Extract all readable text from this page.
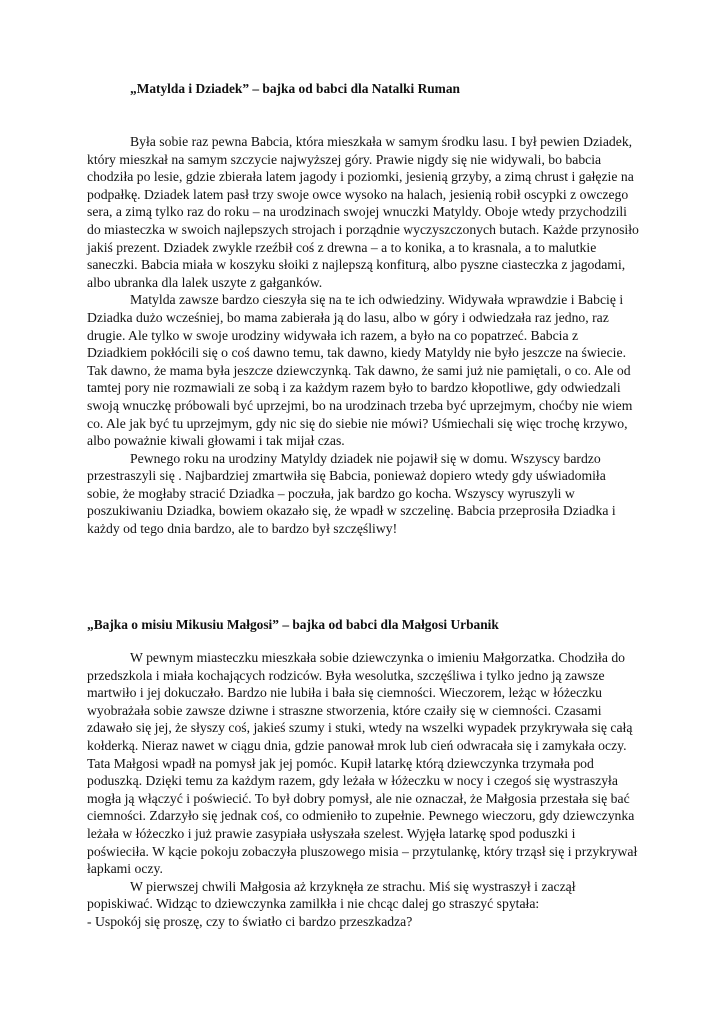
„Matylda i Dziadek” – bajka od babci dla Natalki Ruman

Była sobie raz pewna Babcia, która mieszkała w samym środku lasu. I był pewien Dziadek, który mieszkał na samym szczycie najwyższej góry. Prawie nigdy się nie widywali, bo babcia chodziła po lesie, gdzie zbierała latem jagody i poziomki, jesienią grzyby, a zimą chrust i gałęzie na podpałkę. Dziadek latem pasł trzy swoje owce wysoko na halach, jesienią robił oscypki z owczego sera, a zimą tylko raz do roku – na urodzinach swojej wnuczki Matyldy. Oboje wtedy przychodzili do miasteczka w swoich najlepszych strojach i porządnie wyczyszczonych butach. Każde przynosiło jakiś prezent. Dziadek zwykle rzeźbił coś z drewna – a to konika, a to krasnala, a to malutkie saneczki. Babcia miała w koszyku słoiki z najlepszą konfiturą, albo pyszne ciasteczka z jagodami, albo ubranka dla lalek uszyte z gałganków.

Matylda zawsze bardzo cieszyła się na te ich odwiedziny. Widywała wprawdzie i Babcię i Dziadka dużo wcześniej, bo mama zabierała ją do lasu, albo w góry i odwiedzała raz jedno, raz drugie. Ale tylko w swoje urodziny widywała ich razem, a było na co popatrzeć. Babcia z Dziadkiem pokłócili się o coś dawno temu, tak dawno, kiedy Matyldy nie było jeszcze na świecie. Tak dawno, że mama była jeszcze dziewczynką. Tak dawno, że sami już nie pamiętali, o co. Ale od tamtej pory nie rozmawiali ze sobą i za każdym razem było to bardzo kłopotliwe, gdy odwiedzali swoją wnuczkę próbowali być uprzejmi, bo na urodzinach trzeba być uprzejmym, choćby nie wiem co. Ale jak być tu uprzejmym, gdy nic się do siebie nie mówi? Uśmiechali się więc trochę krzywo, albo poważnie kiwali głowami i tak mijał czas.

Pewnego roku na urodziny Matyldy dziadek nie pojawił się w domu. Wszyscy bardzo przestraszyli się . Najbardziej zmartwiła się Babcia, ponieważ dopiero wtedy gdy uświadomiła sobie, że mogłaby stracić Dziadka – poczuła, jak bardzo go kocha. Wszyscy wyruszyli w poszukiwaniu Dziadka, bowiem okazało się, że wpadł w szczelinę. Babcia przeprosiła Dziadka i każdy od tego dnia bardzo, ale to bardzo był szczęśliwy!

„Bajka o misiu Mikusiu Małgosi” – bajka od babci dla Małgosi Urbanik

W pewnym miasteczku mieszkała sobie dziewczynka o imieniu Małgorzatka. Chodziła do przedszkola i miała kochających rodziców. Była wesolutka, szczęśliwa i tylko jedno ją zawsze martwiło i jej dokuczało. Bardzo nie lubiła i bała się ciemności. Wieczorem, leżąc w łóżeczku wyobrażała sobie zawsze dziwne i straszne stworzenia, które czaiły się w ciemności. Czasami zdawało się jej, że słyszy coś, jakieś szumy i stuki, wtedy na wszelki wypadek przykrywała się całą kołderką. Nieraz nawet w ciągu dnia, gdzie panował mrok lub cień odwracała się i zamykała oczy. Tata Małgosi wpadł na pomysł jak jej pomóc. Kupił latarkę którą dziewczynka trzymała pod poduszką. Dzięki temu za każdym razem, gdy leżała w łóżeczku w nocy i czegoś się wystraszyła mogła ją włączyć i poświecić. To był dobry pomysł, ale nie oznaczał, że Małgosia przestała się bać ciemności. Zdarzyło się jednak coś, co odmieniło to zupełnie. Pewnego wieczoru, gdy dziewczynka leżała w łóżeczko i już prawie zasypiała usłyszała szelest. Wyjęła latarkę spod poduszki i poświeciła. W kącie pokoju zobaczyła pluszowego misia – przytulankę, który trząsł się i przykrywał łapkami oczy.

W pierwszej chwili Małgosia aż krzyknęła ze strachu. Miś się wystraszył i zaczął popiskiwać. Widząc to dziewczynka zamilkła i nie chcąc dalej go straszyć spytała:

- Uspokój się proszę, czy to światło ci bardzo przeszkadza?
